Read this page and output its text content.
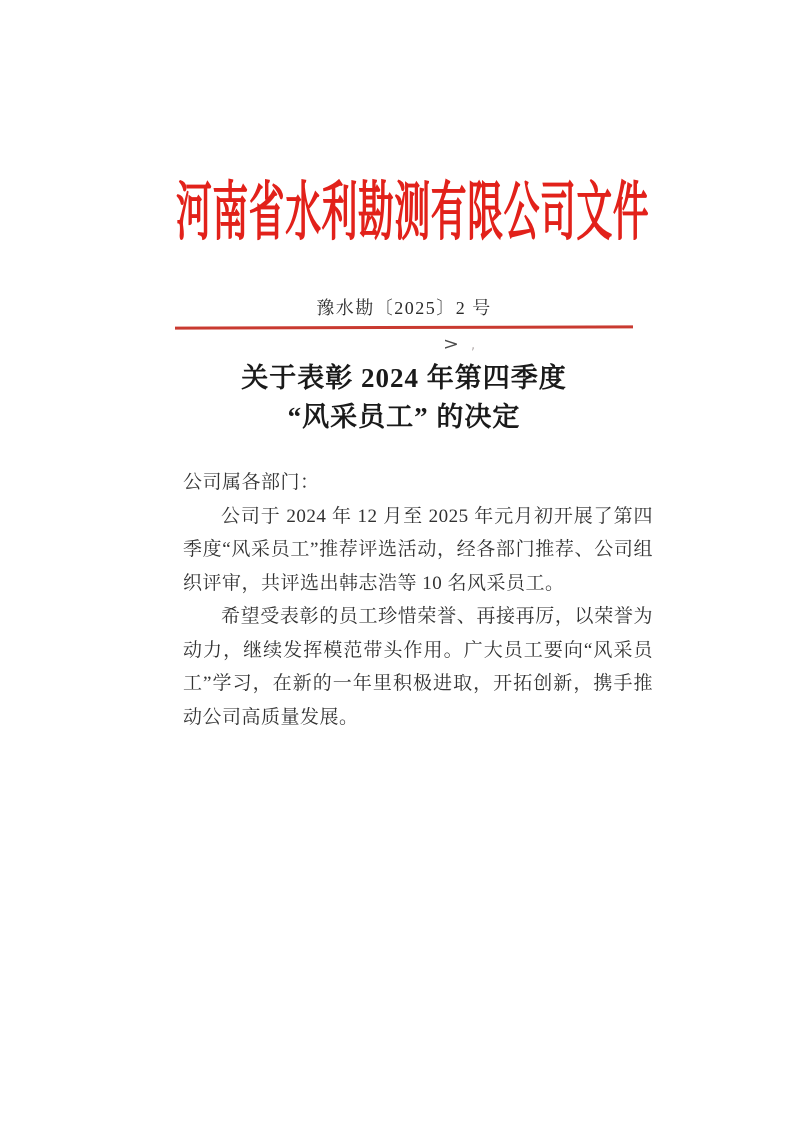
河南省水利勘测有限公司文件
豫水勘〔2025〕2 号
> ,
关于表彰 2024 年第四季度
“风采员工” 的决定

公司属各部门：

公司于 2024 年 12 月至 2025 年元月初开展了第四季度“风采员工”推荐评选活动，经各部门推荐、公司组织评审，共评选出韩志浩等 10 名风采员工。

希望受表彰的员工珍惜荣誉、再接再厉，以荣誉为动力，继续发挥模范带头作用。广大员工要向“风采员工”学习，在新的一年里积极进取，开拓创新，携手推动公司高质量发展。
